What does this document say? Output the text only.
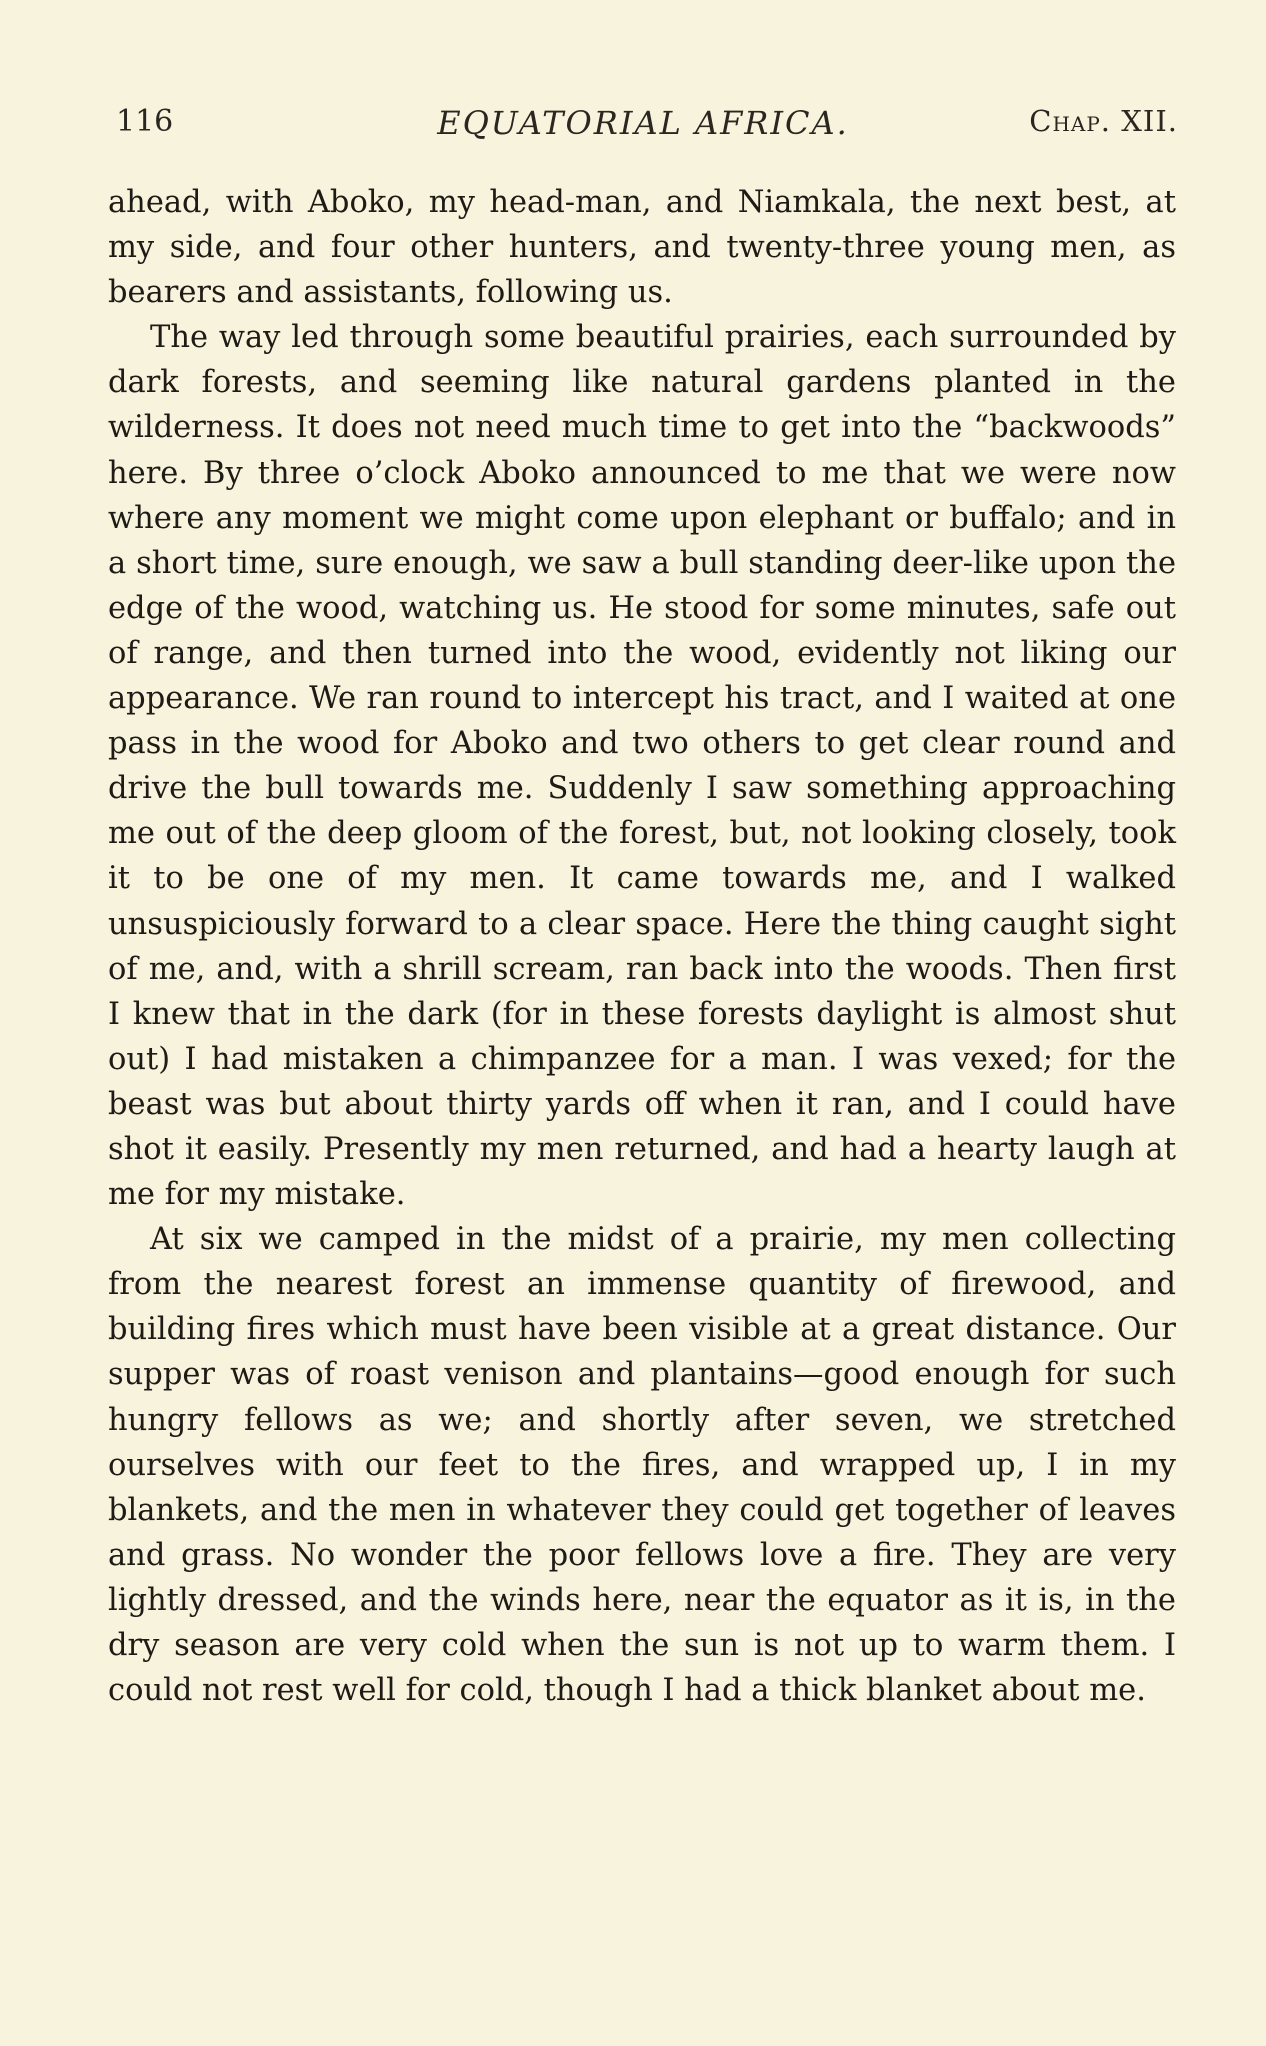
116	EQUATORIAL AFRICA.	Chap. XII.

ahead, with Aboko, my head-man, and Niamkala, the next best, at my side, and four other hunters, and twenty-three young men, as bearers and assistants, following us.

The way led through some beautiful prairies, each surrounded by dark forests, and seeming like natural gardens planted in the wilderness. It does not need much time to get into the “backwoods” here. By three o’clock Aboko announced to me that we were now where any moment we might come upon elephant or buffalo; and in a short time, sure enough, we saw a bull standing deer-like upon the edge of the wood, watching us. He stood for some minutes, safe out of range, and then turned into the wood, evidently not liking our appearance. We ran round to intercept his tract, and I waited at one pass in the wood for Aboko and two others to get clear round and drive the bull towards me. Suddenly I saw something approaching me out of the deep gloom of the forest, but, not looking closely, took it to be one of my men. It came towards me, and I walked unsuspiciously forward to a clear space. Here the thing caught sight of me, and, with a shrill scream, ran back into the woods. Then first I knew that in the dark (for in these forests daylight is almost shut out) I had mistaken a chimpanzee for a man. I was vexed; for the beast was but about thirty yards off when it ran, and I could have shot it easily. Presently my men returned, and had a hearty laugh at me for my mistake.

At six we camped in the midst of a prairie, my men collecting from the nearest forest an immense quantity of firewood, and building fires which must have been visible at a great distance. Our supper was of roast venison and plantains—good enough for such hungry fellows as we; and shortly after seven, we stretched ourselves with our feet to the fires, and wrapped up, I in my blankets, and the men in whatever they could get together of leaves and grass. No wonder the poor fellows love a fire. They are very lightly dressed, and the winds here, near the equator as it is, in the dry season are very cold when the sun is not up to warm them. I could not rest well for cold, though I had a thick blanket about me.
